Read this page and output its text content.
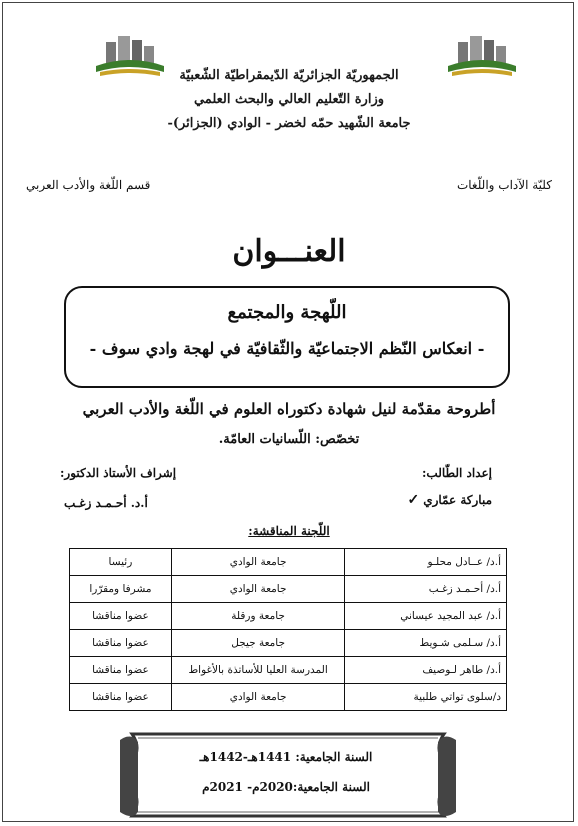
الجمهوريّة الجزائريّة الدّيمقراطيّة الشّعبيّة
وزارة التّعليم العالي والبحث العلمي
جامعة الشّهيد حمّه لخضر - الوادي (الجزائر)-
كليّة الآداب واللّغات
قسم اللّغة والأدب العربي
العنـــوان
اللّهجة والمجتمع
- انعكاس النّظم الاجتماعيّة والثّقافيّة في لهجة وادي سوف -
أطروحة مقدّمة لنيل شهادة دكتوراه العلوم في اللّغة والأدب العربي
تخصّص: اللّسانيات العامّة.
إعداد الطّالب:
إشراف الأستاذ الدكتور:
مباركة عمّاري
✓
أ.د. أحـمـد زغـب
اللّجنة المناقشة:
أ.د/ عــادل محلـو	جامعة الوادي	رئيسا
أ.د/ أحـمـد زغـب	جامعة الوادي	مشرفا ومقرّرا
أ.د/ عبد المجيد عيساني	جامعة ورقلة	عضوا مناقشا
أ.د/ سـلمى شـويط	جامعة جيجل	عضوا مناقشا
أ.د/ طاهر لـوصيف	المدرسة العليا للأساتذة بالأغواط	عضوا مناقشا
د/سلوى تواتي طلبية	جامعة الوادي	عضوا مناقشا
السنة الجامعية: 1441هـ-1442هـ
السنة الجامعية:2020م- 2021م
